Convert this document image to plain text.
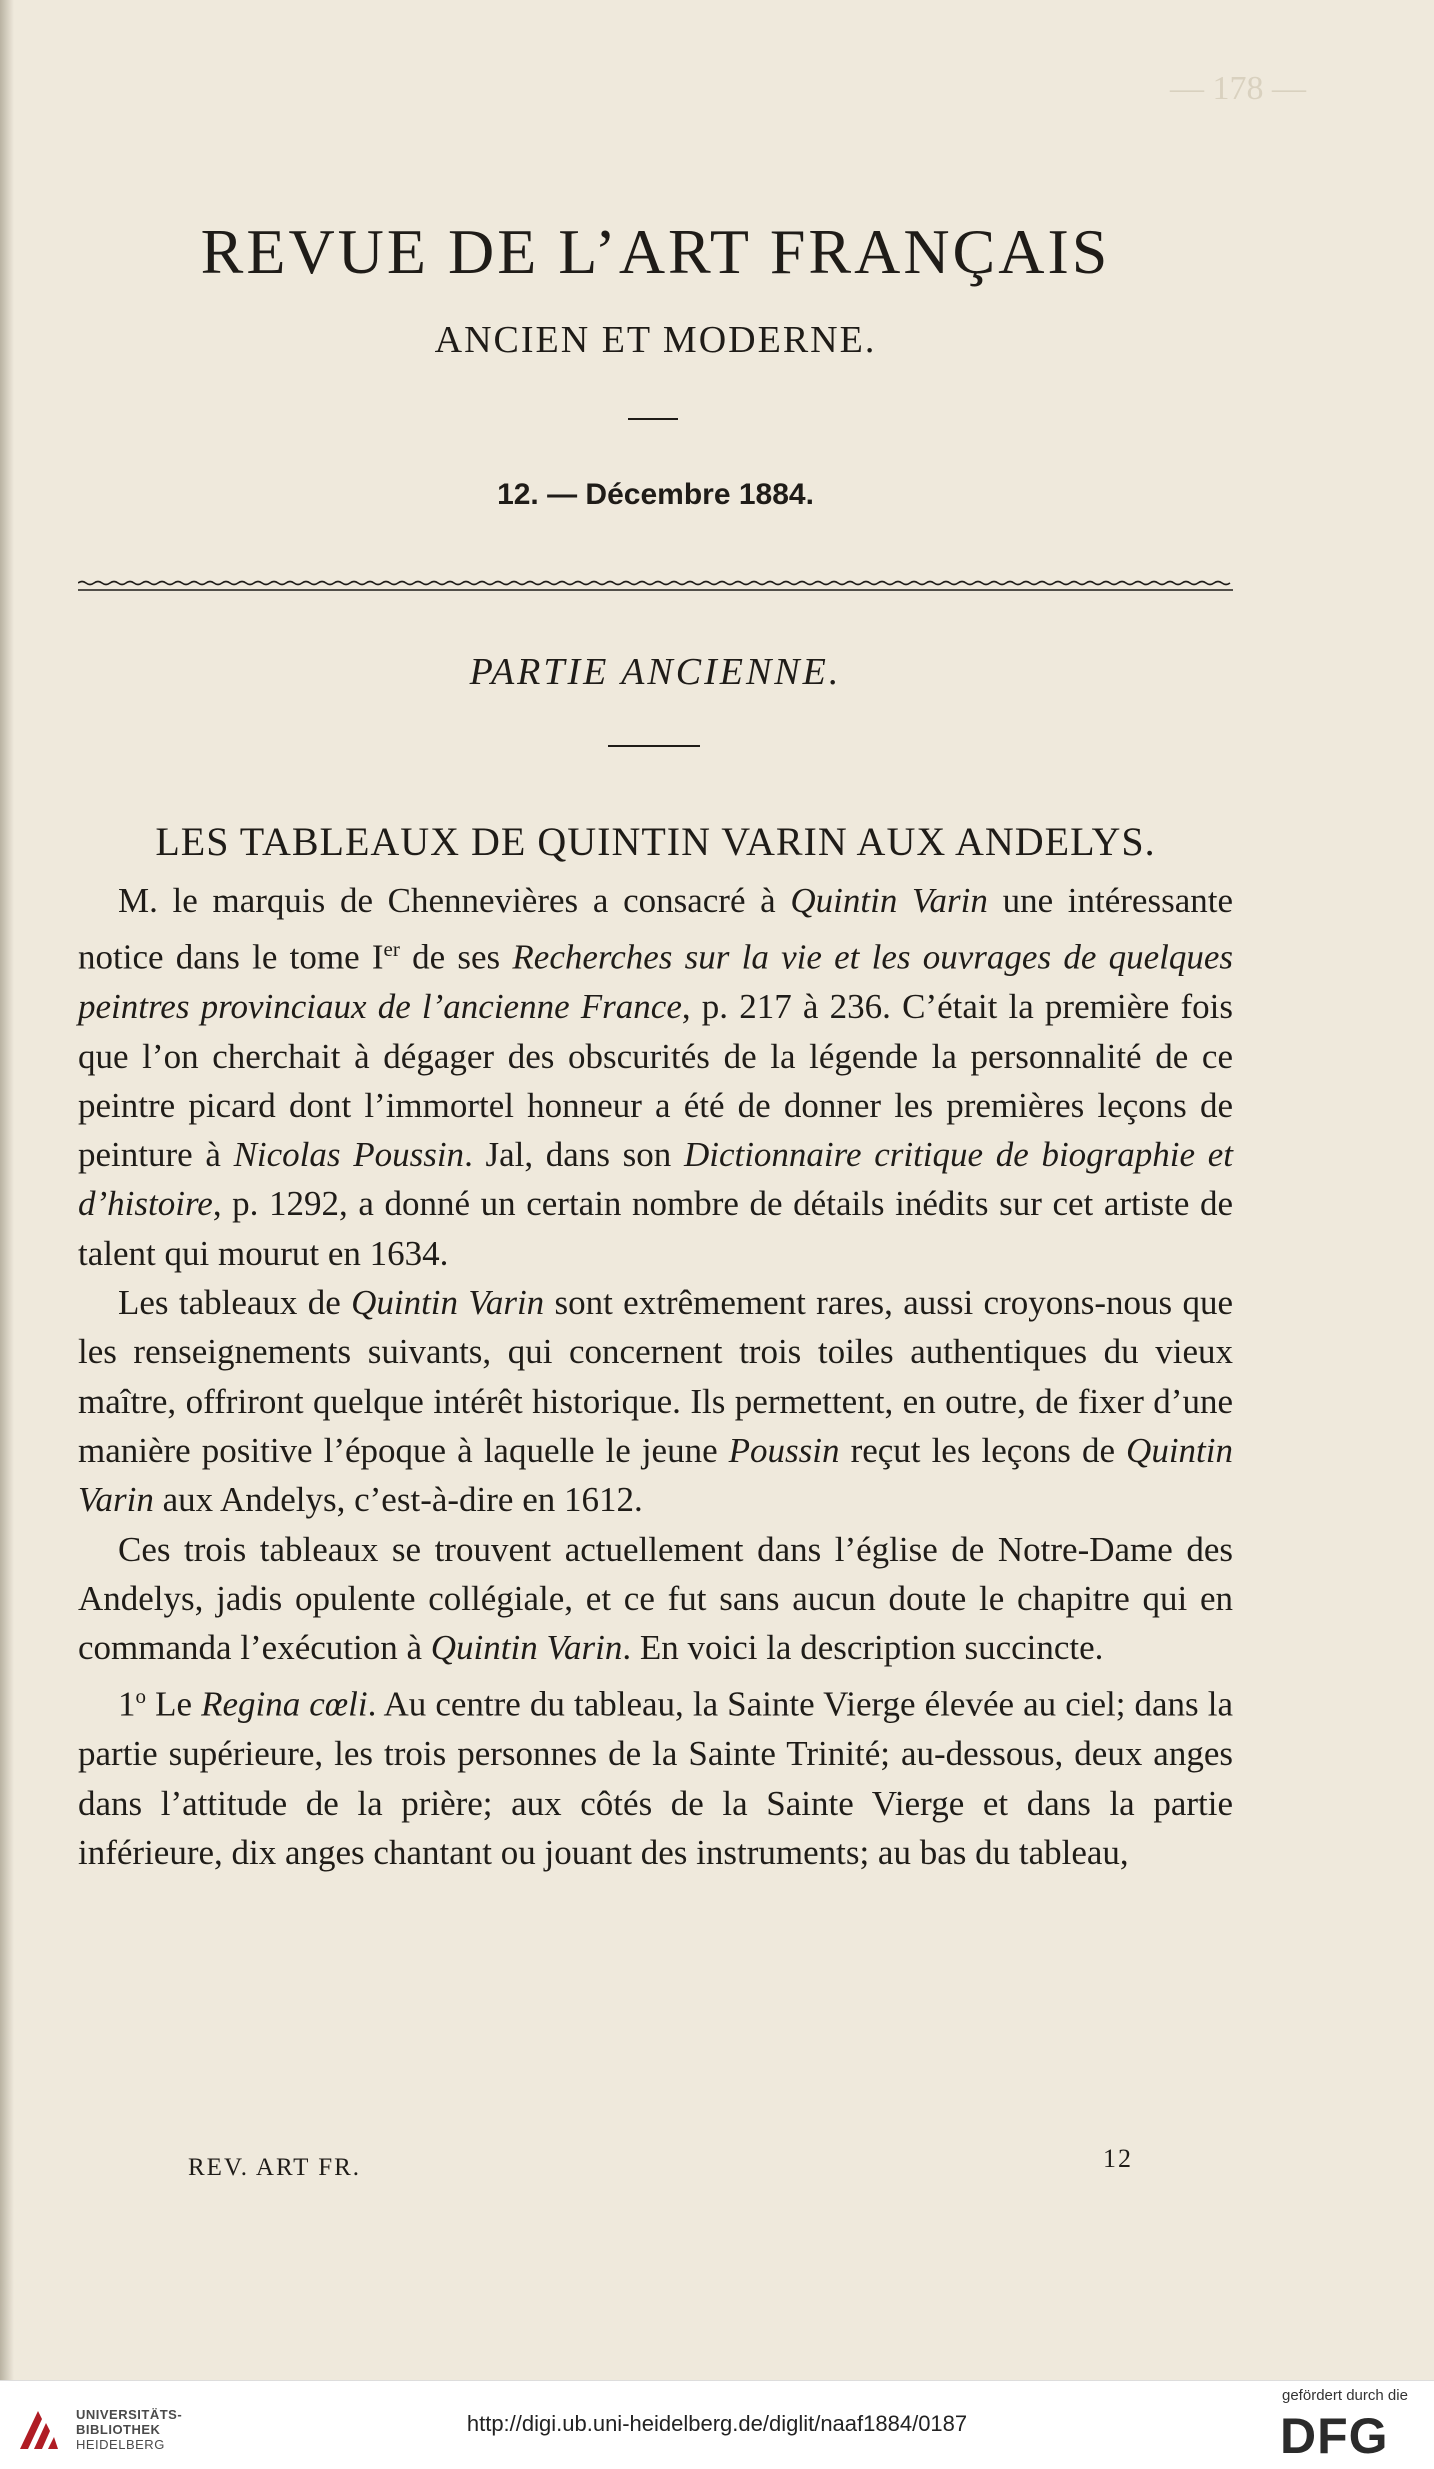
— 178 —
REVUE DE L’ART FRANÇAIS
ANCIEN ET MODERNE.
12. — Décembre 1884.
PARTIE ANCIENNE.
LES TABLEAUX DE QUINTIN VARIN AUX ANDELYS.

M. le marquis de Chennevières a consacré à Quintin Varin une intéressante notice dans le tome Ier de ses Recherches sur la vie et les ouvrages de quelques peintres provinciaux de l’ancienne France, p. 217 à 236. C’était la première fois que l’on cherchait à dégager des obscurités de la légende la personnalité de ce peintre picard dont l’immortel honneur a été de donner les premières leçons de peinture à Nicolas Poussin. Jal, dans son Dictionnaire critique de biographie et d’histoire, p. 1292, a donné un certain nombre de détails inédits sur cet artiste de talent qui mourut en 1634.

Les tableaux de Quintin Varin sont extrêmement rares, aussi croyons-nous que les renseignements suivants, qui concernent trois toiles authentiques du vieux maître, offriront quelque intérêt historique. Ils permettent, en outre, de fixer d’une manière positive l’époque à laquelle le jeune Poussin reçut les leçons de Quintin Varin aux Andelys, c’est-à-dire en 1612.

Ces trois tableaux se trouvent actuellement dans l’église de Notre-Dame des Andelys, jadis opulente collégiale, et ce fut sans aucun doute le chapitre qui en commanda l’exécution à Quintin Varin. En voici la description succincte.

1$^o$ Le Regina cœli. Au centre du tableau, la Sainte Vierge élevée au ciel; dans la partie supérieure, les trois personnes de la Sainte Trinité; au-dessous, deux anges dans l’attitude de la prière; aux côtés de la Sainte Vierge et dans la partie inférieure, dix anges chantant ou jouant des instruments; au bas du tableau,

REV. ART FR.	12
UNIVERSITÄTS-
BIBLIOTHEK
HEIDELBERG
http://digi.ub.uni-heidelberg.de/diglit/naaf1884/0187
gefördert durch die
DFG
